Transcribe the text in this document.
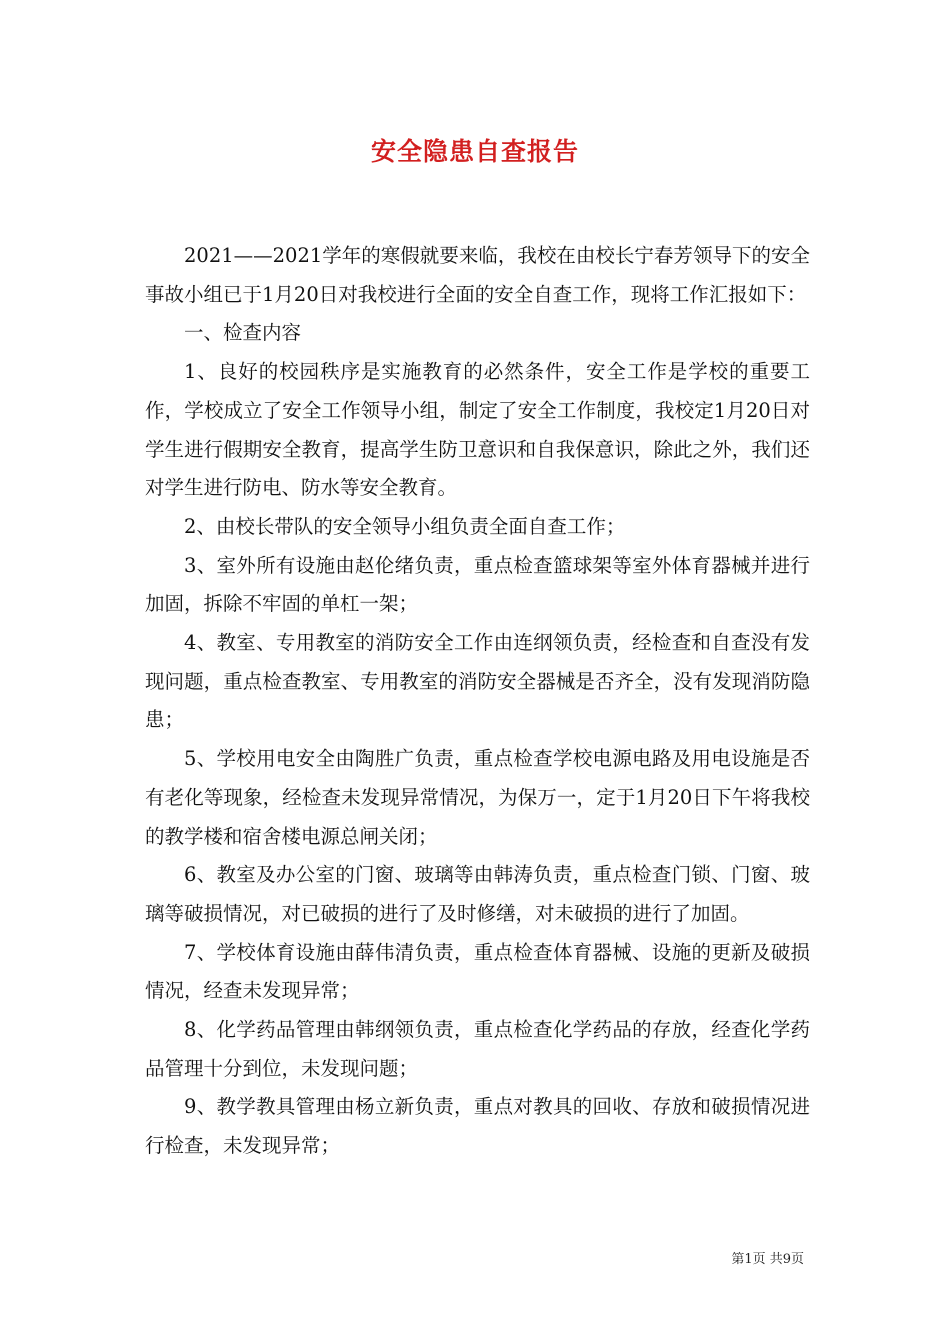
安全隐患自查报告

2021——2021学年的寒假就要来临，我校在由校长宁春芳领导下的安全事故小组已于1月20日对我校进行全面的安全自查工作，现将工作汇报如下：

一、检查内容

1、良好的校园秩序是实施教育的必然条件，安全工作是学校的重要工作，学校成立了安全工作领导小组，制定了安全工作制度，我校定1月20日对学生进行假期安全教育，提高学生防卫意识和自我保意识，除此之外，我们还对学生进行防电、防水等安全教育。

2、由校长带队的安全领导小组负责全面自查工作；

3、室外所有设施由赵伦绪负责，重点检查篮球架等室外体育器械并进行加固，拆除不牢固的单杠一架；

4、教室、专用教室的消防安全工作由连纲领负责，经检查和自查没有发现问题，重点检查教室、专用教室的消防安全器械是否齐全，没有发现消防隐患；

5、学校用电安全由陶胜广负责，重点检查学校电源电路及用电设施是否有老化等现象，经检查未发现异常情况，为保万一，定于1月20日下午将我校的教学楼和宿舍楼电源总闸关闭；

6、教室及办公室的门窗、玻璃等由韩涛负责，重点检查门锁、门窗、玻璃等破损情况，对已破损的进行了及时修缮，对未破损的进行了加固。

7、学校体育设施由薛伟清负责，重点检查体育器械、设施的更新及破损情况，经查未发现异常；

8、化学药品管理由韩纲领负责，重点检查化学药品的存放，经查化学药品管理十分到位，未发现问题；

9、教学教具管理由杨立新负责，重点对教具的回收、存放和破损情况进行检查，未发现异常；

第1页 共9页
